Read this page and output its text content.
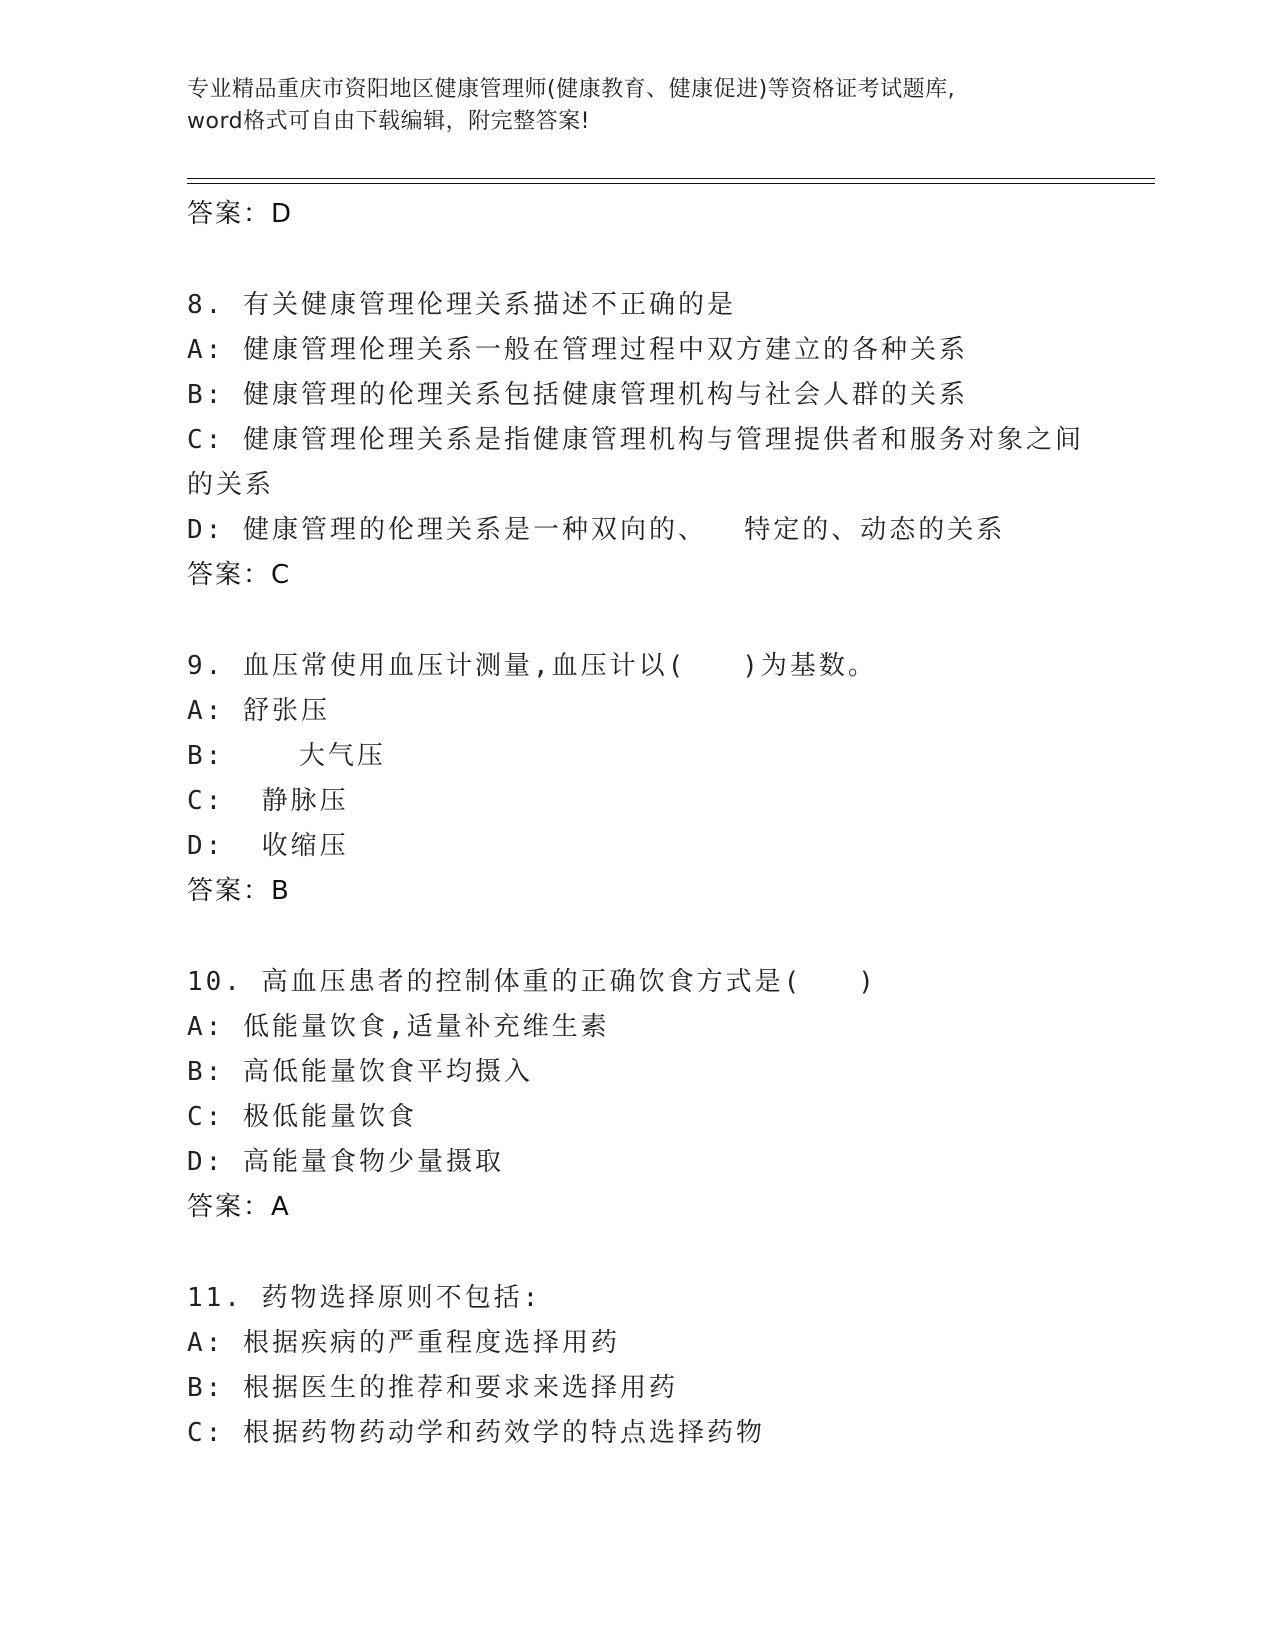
专业精品重庆市资阳地区健康管理师(健康教育、健康促进)等资格证考试题库,
word格式可自由下载编辑，附完整答案!
答案：D
8. 有关健康管理伦理关系描述不正确的是
A: 健康管理伦理关系一般在管理过程中双方建立的各种关系
B: 健康管理的伦理关系包括健康管理机构与社会人群的关系
C: 健康管理伦理关系是指健康管理机构与管理提供者和服务对象之间的关系
D: 健康管理的伦理关系是一种双向的、  特定的、动态的关系
答案：C
9. 血压常使用血压计测量,血压计以(   )为基数。
A: 舒张压
B:    大气压
C:  静脉压
D:  收缩压
答案：B
10. 高血压患者的控制体重的正确饮食方式是(   )
A: 低能量饮食,适量补充维生素
B: 高低能量饮食平均摄入
C: 极低能量饮食
D: 高能量食物少量摄取
答案：A
11. 药物选择原则不包括:
A: 根据疾病的严重程度选择用药
B: 根据医生的推荐和要求来选择用药
C: 根据药物药动学和药效学的特点选择药物
